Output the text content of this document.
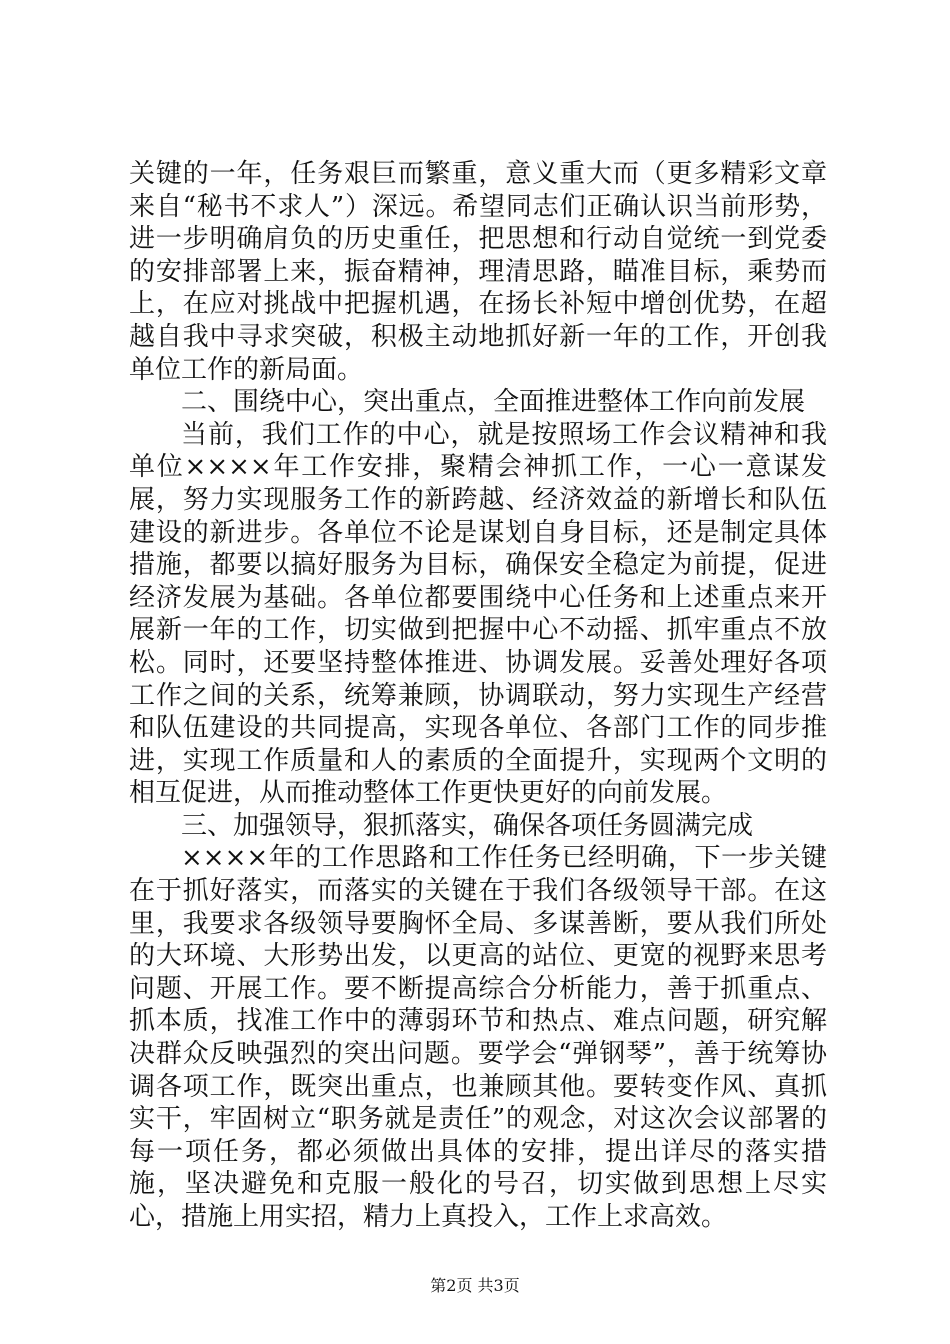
关键的一年，任务艰巨而繁重，意义重大而（更多精彩文章来自“秘书不求人”）深远。希望同志们正确认识当前形势，进一步明确肩负的历史重任，把思想和行动自觉统一到党委的安排部署上来，振奋精神，理清思路，瞄准目标，乘势而上，在应对挑战中把握机遇，在扬长补短中增创优势，在超越自我中寻求突破，积极主动地抓好新一年的工作，开创我单位工作的新局面。

二、围绕中心，突出重点，全面推进整体工作向前发展

当前，我们工作的中心，就是按照场工作会议精神和我单位××××年工作安排，聚精会神抓工作，一心一意谋发展，努力实现服务工作的新跨越、经济效益的新增长和队伍建设的新进步。各单位不论是谋划自身目标，还是制定具体措施，都要以搞好服务为目标，确保安全稳定为前提，促进经济发展为基础。各单位都要围绕中心任务和上述重点来开展新一年的工作，切实做到把握中心不动摇、抓牢重点不放松。同时，还要坚持整体推进、协调发展。妥善处理好各项工作之间的关系，统筹兼顾，协调联动，努力实现生产经营和队伍建设的共同提高，实现各单位、各部门工作的同步推进，实现工作质量和人的素质的全面提升，实现两个文明的相互促进，从而推动整体工作更快更好的向前发展。

三、加强领导，狠抓落实，确保各项任务圆满完成

××××年的工作思路和工作任务已经明确，下一步关键在于抓好落实，而落实的关键在于我们各级领导干部。在这里，我要求各级领导要胸怀全局、多谋善断，要从我们所处的大环境、大形势出发，以更高的站位、更宽的视野来思考问题、开展工作。要不断提高综合分析能力，善于抓重点、抓本质，找准工作中的薄弱环节和热点、难点问题，研究解决群众反映强烈的突出问题。要学会“弹钢琴”，善于统筹协调各项工作，既突出重点，也兼顾其他。要转变作风、真抓实干，牢固树立“职务就是责任”的观念，对这次会议部署的每一项任务，都必须做出具体的安排，提出详尽的落实措施，坚决避免和克服一般化的号召，切实做到思想上尽实心，措施上用实招，精力上真投入，工作上求高效。

第2页 共3页
